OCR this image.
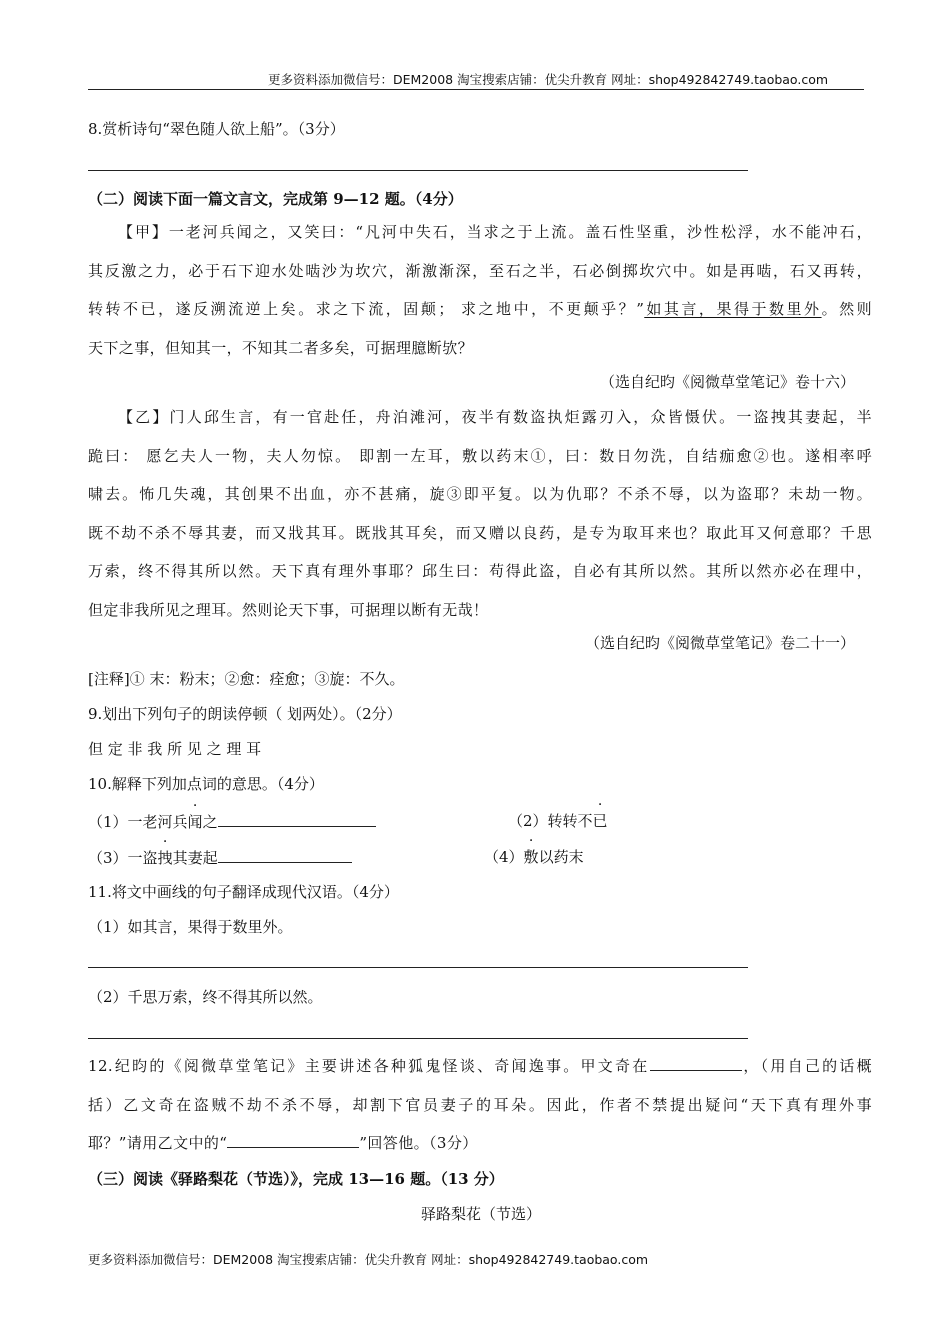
更多资料添加微信号：DEM2008 淘宝搜索店铺：优尖升教育 网址：shop492842749.taobao.com
8.赏析诗句“翠色随人欲上船”。（3分）
（二）阅读下面一篇文言文，完成第 9—12 题。（4分）
【甲】一老河兵闻之，又笑曰：“凡河中失石，当求之于上流。盖石性坚重，沙性松浮，水不能冲石，
其反激之力，必于石下迎水处啮沙为坎穴，渐激渐深，至石之半，石必倒掷坎穴中。如是再啮，石又再转，
转转不已，遂反溯流逆上矣。求之下流，固颠； 求之地中，不更颠乎？”如其言，果得于数里外。然则
天下之事，但知其一，不知其二者多矣，可据理臆断欤？
（选自纪昀《阅微草堂笔记》卷十六）
【乙】门人邱生言，有一官赴任，舟泊滩河，夜半有数盗执炬露刃入，众皆慑伏。一盗拽其妻起，半
跪曰： 愿乞夫人一物，夫人勿惊。 即割一左耳，敷以药末①，曰：数日勿洗，自结痂愈②也。遂相率呼
啸去。怖几失魂，其创果不出血，亦不甚痛，旋③即平复。以为仇耶？不杀不辱，以为盗耶？未劫一物。
既不劫不杀不辱其妻，而又戕其耳。既戕其耳矣，而又赠以良药，是专为取耳来也？取此耳又何意耶？千思
万索，终不得其所以然。天下真有理外事耶？邱生曰：苟得此盗，自必有其所以然。其所以然亦必在理中，
但定非我所见之理耳。然则论天下事，可据理以断有无哉！
（选自纪昀《阅微草堂笔记》卷二十一）
[注释]① 末：粉末；②愈：痊愈；③旋：不久。
9.划出下列句子的朗读停顿（ 划两处）。（2分）
但 定 非 我 所 见 之 理 耳
10.解释下列加点词的意思。（4分）
（1）一老河兵闻之	（2）转转不已
（3）一盗拽其妻起	（4）敷以药末
11.将文中画线的句子翻译成现代汉语。（4分）
（1）如其言，果得于数里外。
（2）千思万索，终不得其所以然。
12.纪昀的《阅微草堂笔记》主要讲述各种狐鬼怪谈、奇闻逸事。甲文奇在	，（用自己的话概
括）乙文奇在盗贼不劫不杀不辱，却割下官员妻子的耳朵。因此，作者不禁提出疑问“天下真有理外事
耶？”请用乙文中的“	”回答他。（3分）
（三）阅读《驿路梨花（节选）》，完成 13—16 题。（13 分）
驿路梨花（节选）
更多资料添加微信号：DEM2008 淘宝搜索店铺：优尖升教育 网址：shop492842749.taobao.com
